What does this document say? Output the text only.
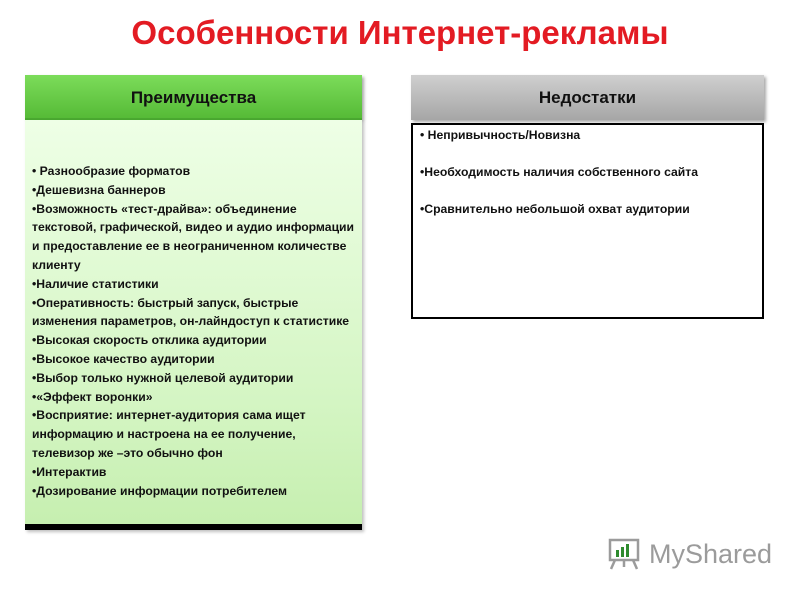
Особенности Интернет-рекламы
Преимущества
• Разнообразие форматов
• Дешевизна баннеров
• Возможность «тест-драйва»: объединение текстовой, графической, видео и аудио информации и предоставление ее в неограниченном количестве клиенту
• Наличие статистики
• Оперативность: быстрый запуск, быстрые изменения параметров, он-лайндоступ к статистике
• Высокая скорость отклика аудитории
• Высокое качество аудитории
• Выбор только нужной целевой аудитории
• «Эффект воронки»
• Восприятие: интернет-аудитория сама ищет информацию и настроена на ее получение, телевизор же –это обычно фон
• Интерактив
• Дозирование информации потребителем
Недостатки
• Непривычность/Новизна
• Необходимость наличия собственного сайта
• Сравнительно небольшой охват аудитории
MyShared
